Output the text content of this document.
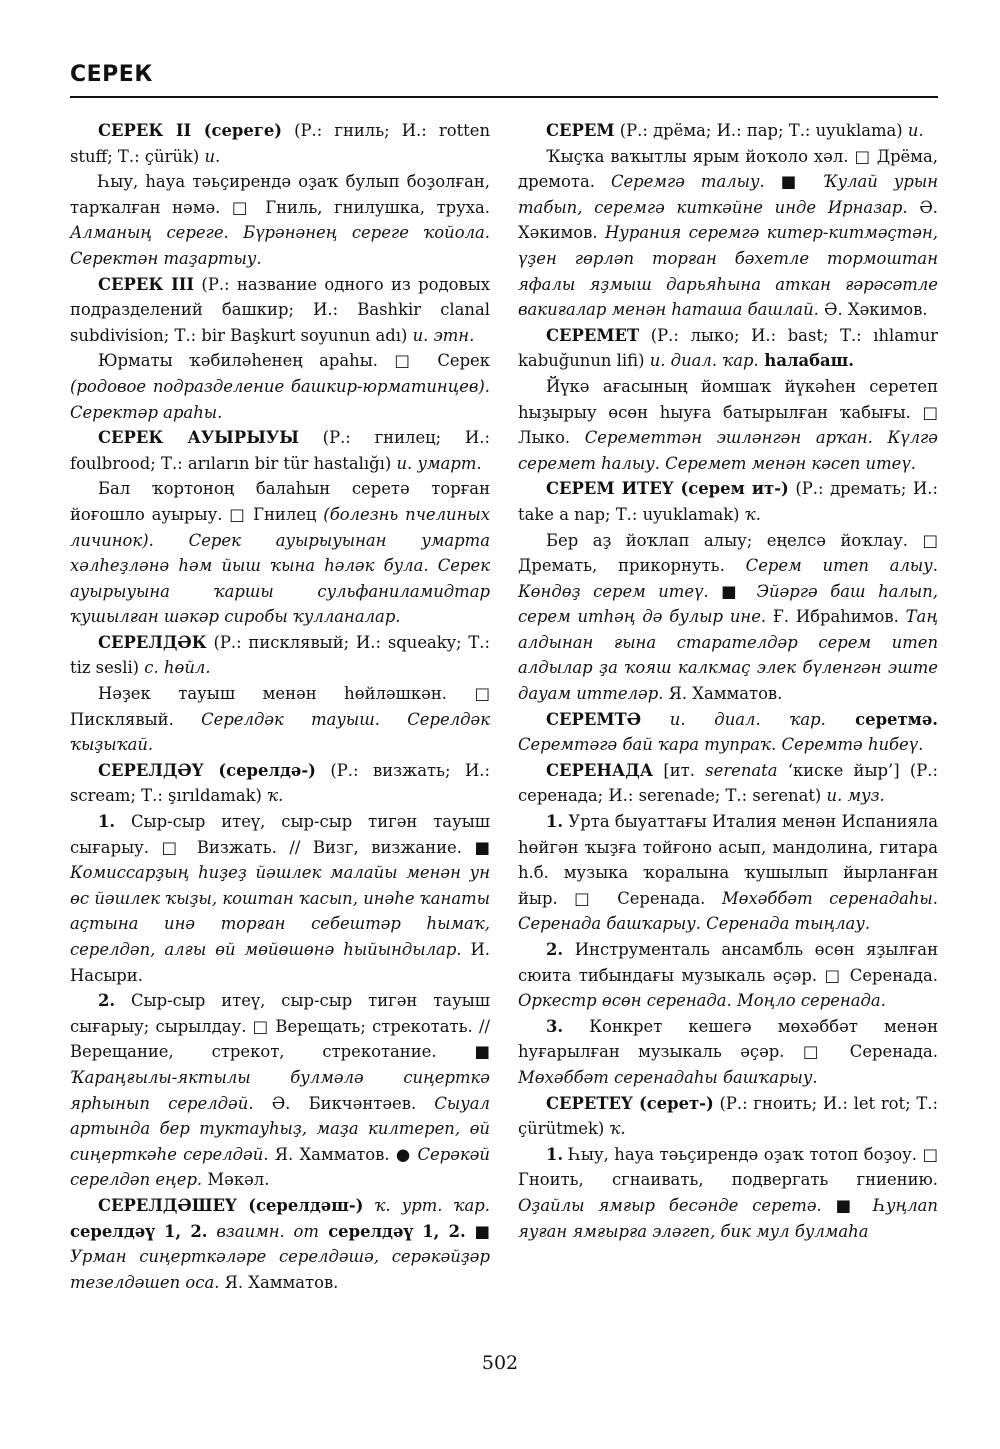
СЕРЕК

СЕРЕК II (серегe) (Р.: гниль; И.: rotten stuff; Т.: çürük) и.

Һыу, һауа тәьҫирендә оҙаҡ булып боҙолған, тарҡалған нәмә. □ Гниль, гнилушка, труха. Алманың серегe. Бүрәнәнең серегe ҡойола. Серектән таҙартыу.

СЕРЕК III (Р.: название одного из родовых подразделений башкир; И.: Bashkir clanal subdivision; Т.: bir Başkurt soyunun adı) и. этн.

Юрматы ҡәбиләһенең араһы. □ Серек (родовое подразделение башкир-юрматинцев). Серектәр араһы.

СЕРЕК АУЫРЫУЫ (Р.: гнилец; И.: foulbrood; Т.: arıların bir tür hastalığı) и. умарт.

Бал ҡортоноң балаһын серетә торған йоғошло ауырыу. □ Гнилец (болезнь пчелиных личинок). Серек ауырыуынан умарта хәлһеҙләнә һәм йыш ҡына һәләк була. Серек ауырыуына ҡаршы сульфаниламидтар ҡушылған шәкәр сиробы ҡулланалар.

СЕРЕЛДӘК (Р.: писклявый; И.: squeaky; Т.: tiz sesli) с. һөйл.

Нәҙек тауыш менән һөйләшкән. □ Писклявый. Серелдәк тауыш. Серелдәк ҡыҙыҡай.

СЕРЕЛДӘҮ (серелдә-) (Р.: визжать; И.: scream; Т.: şırıldamak) ҡ.

1. Сыр-сыр итеү, сыр-сыр тигән тауыш сығарыу. □ Визжать. // Визг, визжание. ■ Комиссарҙың һиҙеҙ йәшлек малайы менән ун өс йәшлек ҡыҙы, коштан ҡасып, инәһе ҡанаты аҫтына инә торған себештәр һымаҡ, серелдәп, алғы өй мөйөшөнә һыйындылар. И. Насыри.

2. Сыр-сыр итеү, сыр-сыр тигән тауыш сығарыу; сырылдау. □ Верещать; стрекотать. // Верещание, стрекот, стрекотание. ■ Ҡараңғылы-яктылы булмәлә сиңерткә ярһынып серелдәй. Ә. Бикчәнтәев. Сыуал артында бер туктауһыҙ, маҙа килтерeп, өй сиңерткәһе серелдәй. Я. Хамматов. ● Серәкәй серелдәп еңер. Мәкәл.

СЕРЕЛДӘШЕҮ (серелдәш-) ҡ. урт. ҡар. серелдәү 1, 2. взаимн. от серелдәү 1, 2. ■ Урман сиңерткәләре серелдәшә, серәкәйҙәр тезелдәшеп оса. Я. Хамматов.

СЕРЕМ (Р.: дрёма; И.: пар; Т.: uyuklama) и.

Ҡыҫҡа ваҡытлы ярым йоҡоло хәл. □ Дрёма, дремота. Серемгә талыу. ■ Ҡулай урын табып, серемгә киткәйне инде Ирназар. Ә. Хәкимов. Нурания серемгә китер-китмәҫтән, үҙен гөрләп торған бәхетле тормоштан яфалы яҙмыш дарьяһына аткан ғәрәсәтле вакиғалар менән һаташа башлай. Ә. Хәкимов.

СЕРЕМЕТ (Р.: лыко; И.: bast; Т.: ıhlamur kabuğunun lifi) и. диал. ҡар. һалабаш.

Йүкә ағасының йомшаҡ йүкәһен серетеп һыҙырыу өсөн һыуға батырылған ҡабығы. □ Лыко. Сереметтән эшләнгән арҡан. Күлгә серемет һалыу. Серемет менән кәсеп итеү.

СЕРЕМ ИТЕҮ (серем ит-) (Р.: дремать; И.: take a nap; Т.: uyuklamak) ҡ.

Бер аҙ йоҡлап алыу; еңелсә йоҡлау. □ Дремать, прикорнуть. Серем итеп алыу. Көндөҙ серем итеү. ■ Эйәргә баш һалып, серем итһәң дә булыр ине. Ғ. Ибраһимов. Таң алдынан ғына старателдәр серем итеп алдылар ҙа ҡояш калкмаҫ элек бүленгән эште дауам иттеләр. Я. Хамматов.

СЕРЕМТӘ и. диал. ҡар. серетмә. Серемтәгә бай ҡара тупраҡ. Серемтә һибеү.

СЕРЕНАДА [ит. serenata ‘киске йыр’] (Р.: серенада; И.: serenade; Т.: serenat) и. муз.

1. Урта быуаттағы Италия менән Испанияла һөйгән ҡыҙға тойғоно асып, мандолина, гитара һ.б. музыка ҡоралына ҡушылып йырланған йыр. □ Серенада. Мөхәббәт серенадаһы. Серенада башҡарыу. Серенада тыңлау.

2. Инструменталь ансамбль өсөн яҙылған сюита тибындағы музыкаль әҫәр. □ Серенада. Оркестр өсөн серенада. Моңло серенада.

3. Конкрет кешегә мөхәббәт менән һуғарылған музыкаль әҫәр. □ Серенада. Мөхәббәт серенадаһы башҡарыу.

СЕРЕТЕҮ (серет-) (Р.: гноить; И.: let rot; Т.: çürütmek) ҡ.

1. Һыу, һауа тәьҫирендә оҙаҡ тотоп боҙоу. □ Гноить, сгнаивать, подвергать гниению. Оҙайлы ямғыр бесәнде серетә. ■ Һуңлап яуған ямғырға эләгеп, бик мул булмаһа

502
